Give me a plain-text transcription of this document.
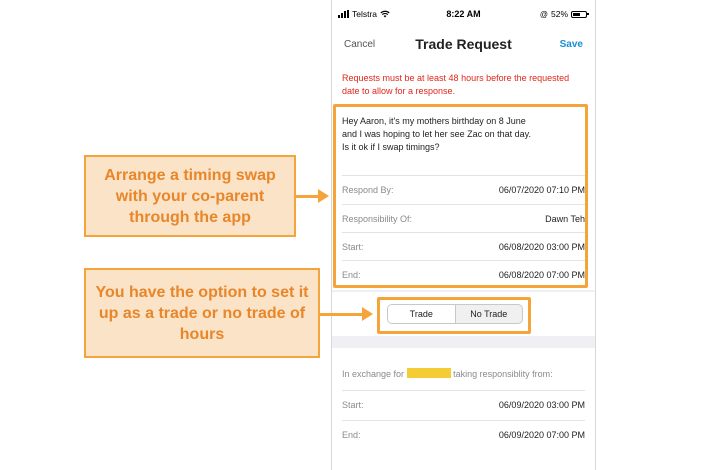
Telstra	8:22 AM	@ 52%
Cancel	Trade Request	Save
Requests must be at least 48 hours before the requested date to allow for a response.
Hey Aaron, it's my mothers birthday on 8 June and I was hoping to let her see Zac on that day. Is it ok if I swap timings?
Respond By:	06/07/2020 07:10 PM
Responsibility Of:	Dawn Teh
Start:	06/08/2020 03:00 PM
End:	06/08/2020 07:00 PM
Trade	No Trade
In exchange for	taking responsiblity from:
Start:	06/09/2020 03:00 PM
End:	06/09/2020 07:00 PM
Arrange a timing swap with your co-parent through the app
You have the option to set it up as a trade or no trade of hours
